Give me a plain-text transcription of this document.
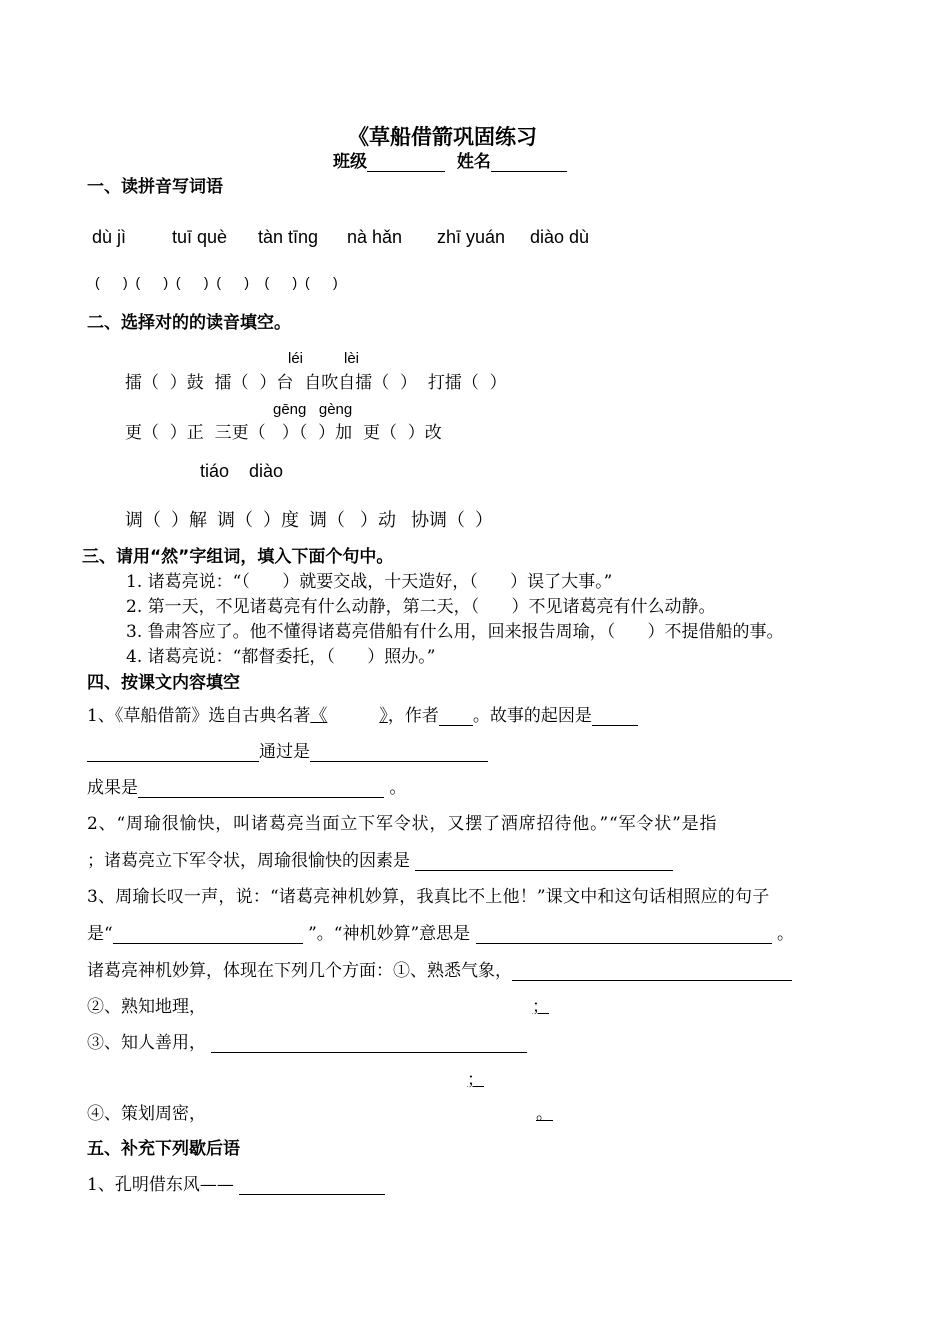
《草船借箭巩固练习
班级	姓名
一、读拼音写词语
dù jì	tuī què tàn tīng nà hǎn zhī yuán diào dù
(      )  (      )  (      )  (      )    (      )  (      )
二、选择对的的读音填空。
léi	lèi
擂（  ）鼓  擂（  ）台  自吹自擂（  ）  打擂（  ）
gēng   gèng
更（  ）正  三更（   ）（  ）加  更（  ）改
tiáo    diào
调（  ）解  调（  ）度  调（   ）动   协调（  ）
三、请用“然”字组词，填入下面个句中。
1. 诸葛亮说：“（      ）就要交战，十天造好，（      ）误了大事。”
2. 第一天，不见诸葛亮有什么动静，第二天，（      ）不见诸葛亮有什么动静。
3. 鲁肃答应了。他不懂得诸葛亮借船有什么用，回来报告周瑜，（      ）不提借船的事。
4. 诸葛亮说：“都督委托，（      ）照办。”
四、按课文内容填空
1、《草船借箭》选自古典名著《	》，作者 。故事的起因是
通过是
成果是	。
2、“周瑜很愉快，叫诸葛亮当面立下军令状，又摆了酒席招待他。”“军令状”是指
；诸葛亮立下军令状，周瑜很愉快的因素是
3、周瑜长叹一声，说：“诸葛亮神机妙算，我真比不上他！”课文中和这句话相照应的句子
是“	”。“神机妙算”意思是	。
诸葛亮神机妙算，体现在下列几个方面：①、熟悉气象，
②、熟知地理，	；
③、知人善用，
；
④、策划周密，	。
五、补充下列歇后语
1、孔明借东风——
